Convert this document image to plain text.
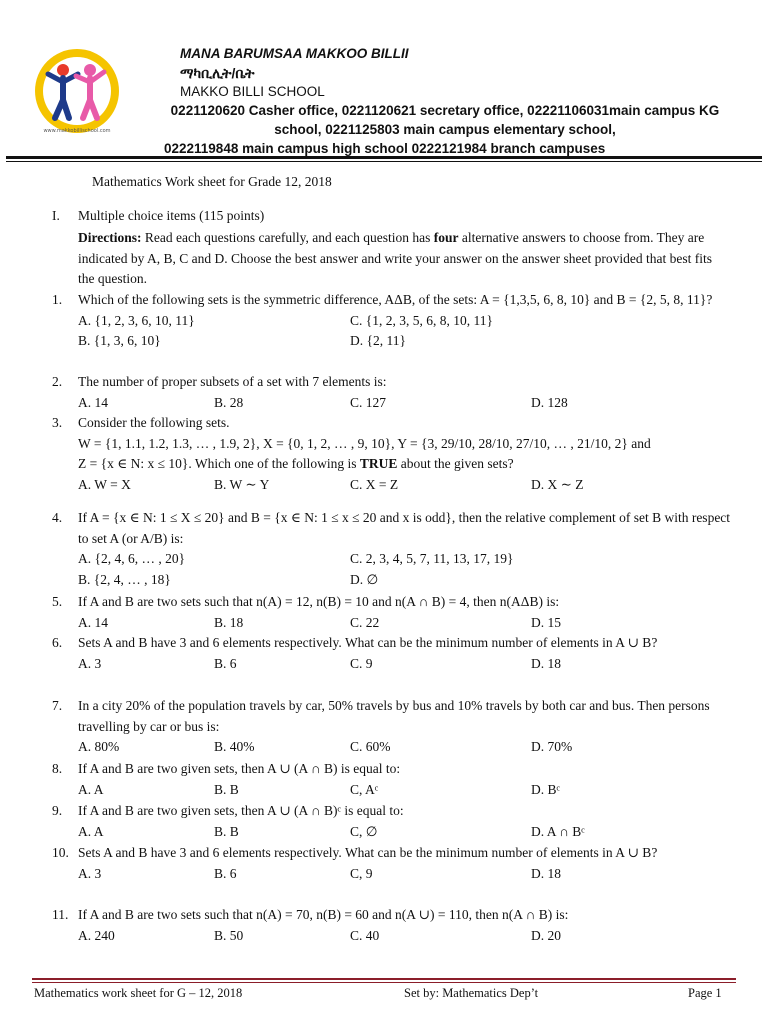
www.makkobillischool.com
MANA BARUMSAA MAKKOO BILLII
ማካቢሊት/ቤት
MAKKO BILLI SCHOOL
0221120620 Casher office, 0221120621 secretary office, 02221106031main campus KG
school, 0221125803 main campus elementary school,
0222119848 main campus high school 0222121984 branch campuses
Mathematics Work sheet for Grade 12, 2018
I. Multiple choice items (115 points)
Directions: Read each questions carefully, and each question has four alternative answers to choose from. They are indicated by A, B, C and D. Choose the best answer and write your answer on the answer sheet provided that best fits the question.
1.	Which of the following sets is the symmetric difference, AΔB, of the sets: A = {1,3,5, 6, 8, 10} and B = {2, 5, 8, 11}?
A. {1, 2, 3, 6, 10, 11}	C. {1, 2, 3, 5, 6, 8, 10, 11}
B. {1, 3, 6, 10}	D. {2, 11}
2.	The number of proper subsets of a set with 7 elements is:
A. 14	B. 28	C. 127	D. 128
3.	Consider the following sets.
W = {1, 1.1, 1.2, 1.3, … , 1.9, 2}, X = {0, 1, 2, … , 9, 10}, Y = {3, 29/10, 28/10, 27/10, … , 21/10, 2} and
Z = {x ∈ N: x ≤ 10}. Which one of the following is TRUE about the given sets?
A. W = X	B. W ∼ Y	C. X = Z	D. X ∼ Z
4.	If A = {x ∈ N: 1 ≤ X ≤ 20} and B = {x ∈ N: 1 ≤ x ≤ 20 and x is odd}, then the relative complement of set B with respect to set A (or A/B) is:
A. {2, 4, 6, … , 20}	C. 2, 3, 4, 5, 7, 11, 13, 17, 19}
B. {2, 4, … , 18}	D. ∅
5.	If A and B are two sets such that n(A) = 12, n(B) = 10 and n(A ∩ B) = 4, then n(AΔB) is:
A. 14	B. 18	C. 22	D. 15
6.	Sets A and B have 3 and 6 elements respectively. What can be the minimum number of elements in A ∪ B?
A. 3	B. 6	C. 9	D. 18
7.	In a city 20% of the population travels by car, 50% travels by bus and 10% travels by both car and bus. Then persons travelling by car or bus is:
A. 80%	B. 40%	C. 60%	D. 70%
8.	If A and B are two given sets, then A ∪ (A ∩ B) is equal to:
A. A	B. B	C, Aᶜ	D. Bᶜ
9.	If A and B are two given sets, then A ∪ (A ∩ B)ᶜ is equal to:
A. A	B. B	C, ∅	D. A ∩ Bᶜ
10. Sets A and B have 3 and 6 elements respectively. What can be the minimum number of elements in A ∪ B?
A. 3	B. 6	C, 9	D. 18
11. If A and B are two sets such that n(A) = 70, n(B) = 60 and n(A ∪) = 110, then n(A ∩ B) is:
A. 240	B. 50	C. 40	D. 20
Mathematics work sheet for G – 12, 2018	Set by: Mathematics Dep’t	Page 1
